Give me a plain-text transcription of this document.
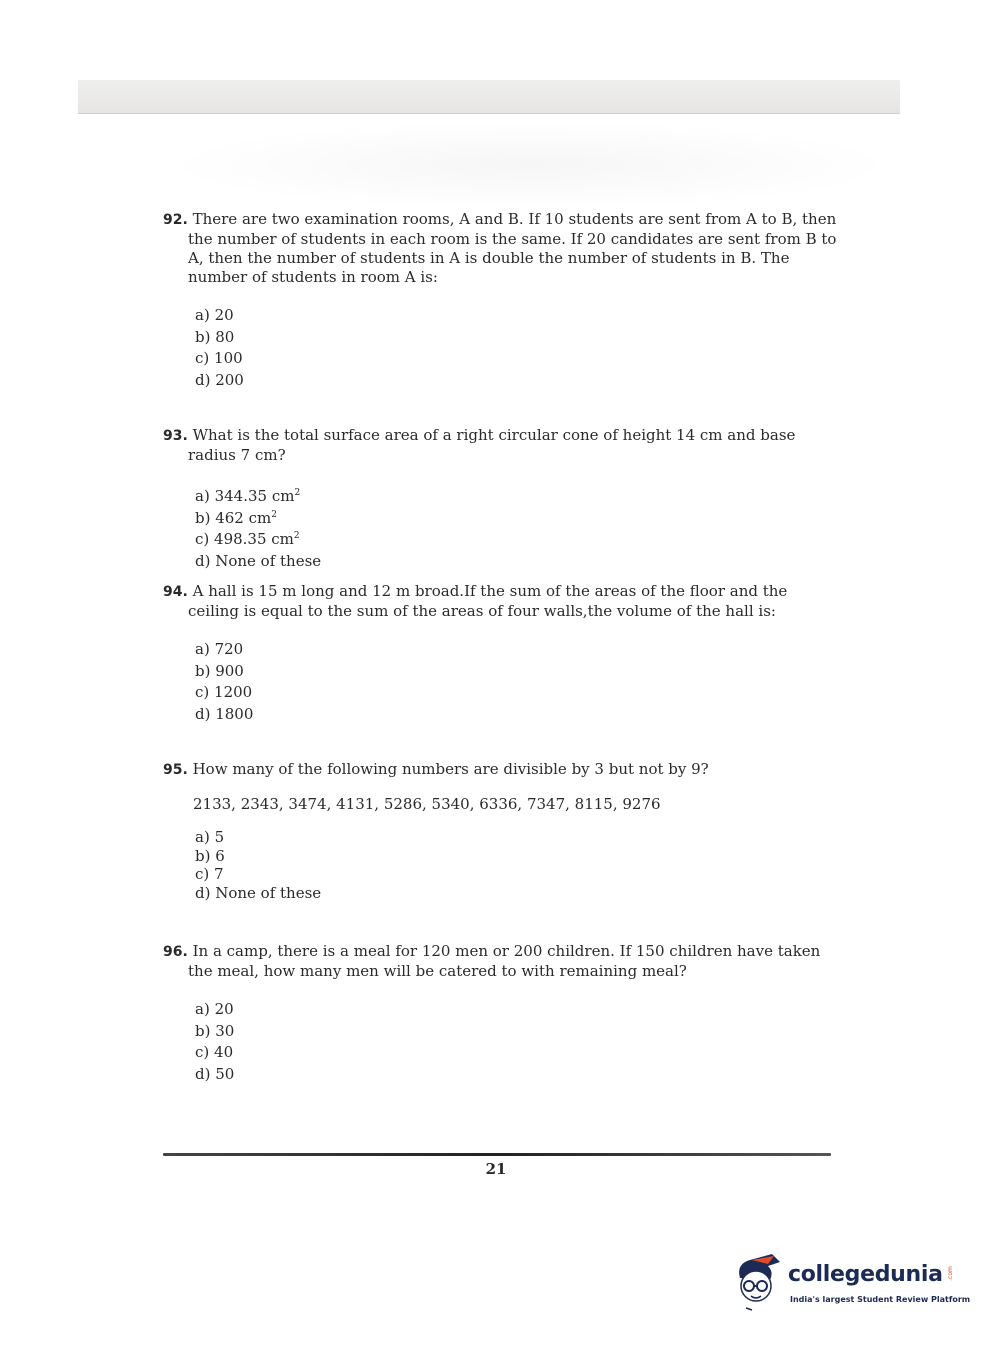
92. There are two examination rooms, A and B. If 10 students are sent from A to B, then the number of students in each room is the same. If 20 candidates are sent from B to A, then the number of students in A is double the number of students in B. The number of students in room A is:

a) 20
b) 80
c) 100
d) 200

93. What is the total surface area of a right circular cone of height 14 cm and base radius 7 cm?

a) 344.35 $cm^2$
b) 462 $cm^2$
c) 498.35 $cm^2$
d) None of these

94. A hall is 15 m long and 12 m broad.If the sum of the areas of the floor and the ceiling is equal to the sum of the areas of four walls,the volume of the hall is:

a) 720
b) 900
c) 1200
d) 1800

95. How many of the following numbers are divisible by 3 but not by 9?

2133, 2343, 3474, 4131, 5286, 5340, 6336, 7347, 8115, 9276

a) 5
b) 6
c) 7
d) None of these

96. In a camp, there is a meal for 120 men or 200 children. If 150 children have taken the meal, how many men will be catered to with remaining meal?

a) 20
b) 30
c) 40
d) 50
21
collegedunia .com
India's largest Student Review Platform
